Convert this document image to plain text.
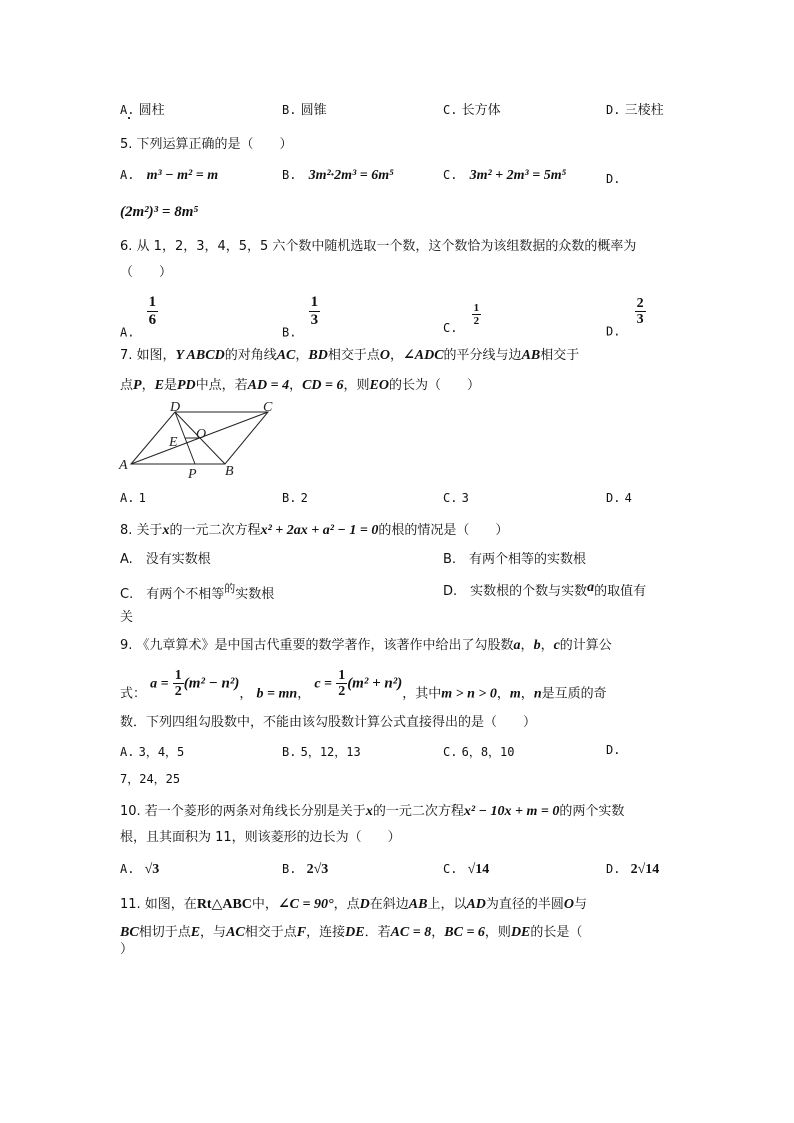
A. 圆柱	B. 圆锥	C. 长方体	D. 三棱柱
5. 下列运算正确的是（　　）
A. m³ − m² = m	B. 3m²·2m³ = 6m⁵	C. 3m² + 2m³ = 5m⁵	D.
(2m²)³ = 8m⁵
6. 从 1，2，3，4，5，5 六个数中随机选取一个数，这个数恰为该组数据的众数的概率为
（　　）
A.
$\frac{1}{6}$
B.
$\frac{1}{3}$
C.
$\frac{1}{2}$
D.
$\frac{2}{3}$
7. 如图，Y ABCD的对角线AC，BD相交于点O，∠ADC的平分线与边AB相交于
点P，E是PD中点，若AD = 4，CD = 6，则EO的长为（　　）
A	B
C
D
E
O
P
A. 1	B. 2	C. 3	D. 4
8. 关于x的一元二次方程x² + 2ax + a² − 1 = 0的根的情况是（　　）
A.　没有实数根	B.　有两个相等的实数根
C.　有两个不相等$^的$实数根	D.　实数根的个数与实数a的取值有
关
9. 《九章算术》是中国古代重要的数学著作，该著作中给出了勾股数a，b，c的计算公
式： $a = \frac{1}{2} (m^2 - n^2)$， b = mn， $c = \frac{1}{2} (m^2 + n^2)$，其中m > n > 0，m，n是互质的奇
数．下列四组勾股数中，不能由该勾股数计算公式直接得出的是（　　）
A. 3，4，5	B. 5，12，13	C. 6，8，10	D.
7，24，25
10. 若一个菱形的两条对角线长分别是关于x的一元二次方程x² − 10x + m = 0的两个实数
根，且其面积为 11，则该菱形的边长为（　　）
A. √3	B. 2√3	C. √14	D. 2√14
11. 如图，在Rt△ABC中，∠C = 90°，点D在斜边AB上，以AD为直径的半圆O与
BC相切于点E，与AC相交于点F，连接DE．若AC = 8，BC = 6，则DE的长是（
）
